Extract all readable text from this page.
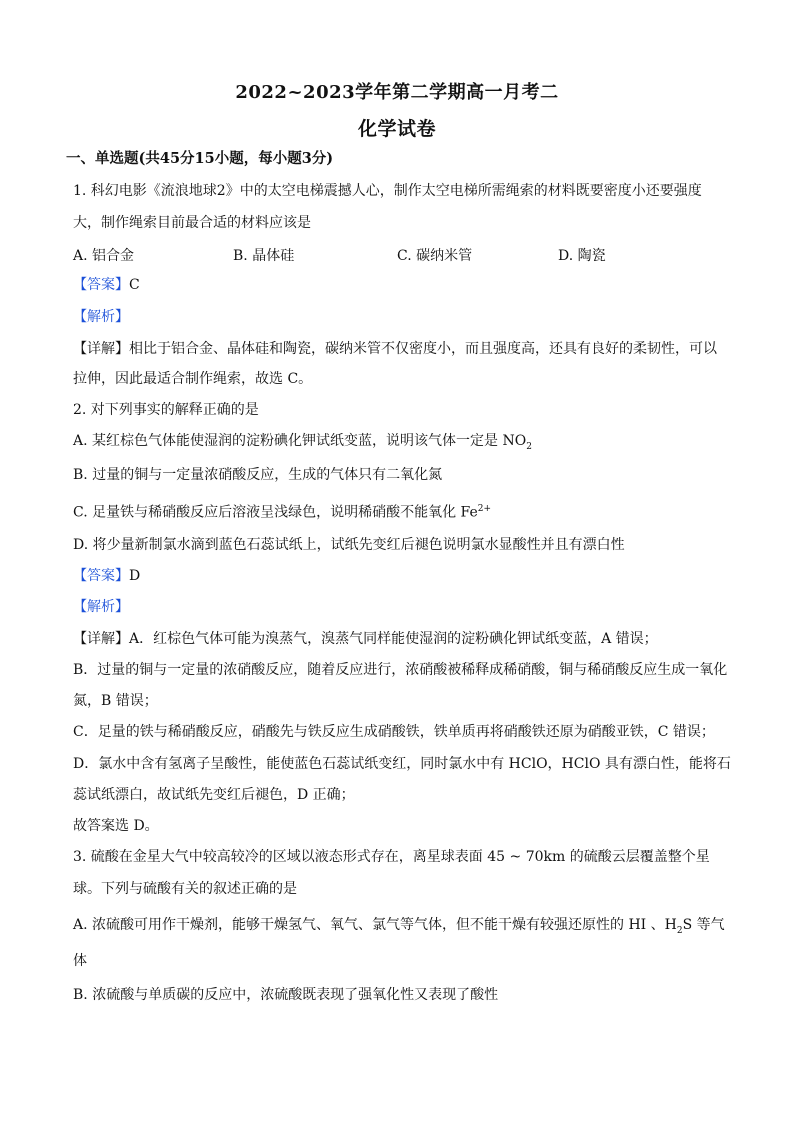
2022~2023学年第二学期高一月考二
化学试卷
一、单选题(共45分15小题，每小题3分)
1. 科幻电影《流浪地球2》中的太空电梯震撼人心，制作太空电梯所需绳索的材料既要密度小还要强度
大，制作绳索目前最合适的材料应该是
A. 铝合金	B. 晶体硅	C. 碳纳米管	D. 陶瓷
【答案】C
【解析】
【详解】相比于铝合金、晶体硅和陶瓷，碳纳米管不仅密度小，而且强度高，还具有良好的柔韧性，可以
拉伸，因此最适合制作绳索，故选 C。
2. 对下列事实的解释正确的是
A. 某红棕色气体能使湿润的淀粉碘化钾试纸变蓝，说明该气体一定是 $NO_2$
B. 过量的铜与一定量浓硝酸反应，生成的气体只有二氧化氮
C. 足量铁与稀硝酸反应后溶液呈浅绿色，说明稀硝酸不能氧化 $Fe^{2+}$
D. 将少量新制氯水滴到蓝色石蕊试纸上，试纸先变红后褪色说明氯水显酸性并且有漂白性
【答案】D
【解析】
【详解】A．红棕色气体可能为溴蒸气，溴蒸气同样能使湿润的淀粉碘化钾试纸变蓝，A 错误；
B．过量的铜与一定量的浓硝酸反应，随着反应进行，浓硝酸被稀释成稀硝酸，铜与稀硝酸反应生成一氧化
氮，B 错误；
C．足量的铁与稀硝酸反应，硝酸先与铁反应生成硝酸铁，铁单质再将硝酸铁还原为硝酸亚铁，C 错误；
D．氯水中含有氢离子呈酸性，能使蓝色石蕊试纸变红，同时氯水中有 HClO，HClO 具有漂白性，能将石
蕊试纸漂白，故试纸先变红后褪色，D 正确；
故答案选 D。
3. 硫酸在金星大气中较高较冷的区域以液态形式存在，离星球表面 45 ~ 70km 的硫酸云层覆盖整个星
球。下列与硫酸有关的叙述正确的是
A. 浓硫酸可用作干燥剂，能够干燥氢气、氧气、氯气等气体，但不能干燥有较强还原性的 HI 、$H_2S$ 等气
体
B. 浓硫酸与单质碳的反应中，浓硫酸既表现了强氧化性又表现了酸性
